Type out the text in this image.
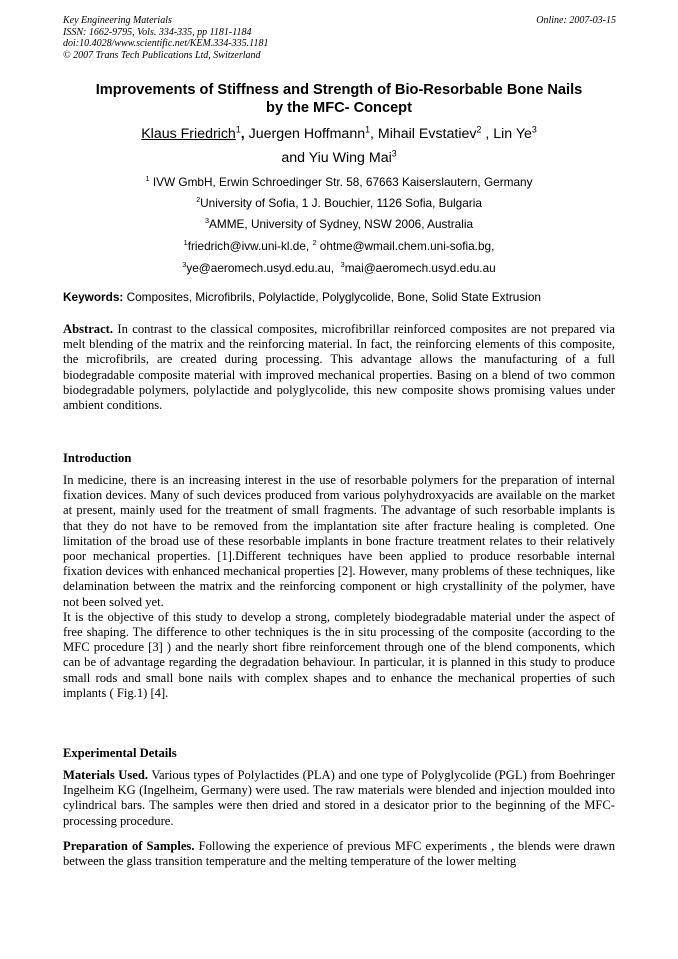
Key Engineering Materials
ISSN: 1662-9795, Vols. 334-335, pp 1181-1184
doi:10.4028/www.scientific.net/KEM.334-335.1181
© 2007 Trans Tech Publications Ltd, Switzerland
Online: 2007-03-15
Improvements of Stiffness and Strength of Bio-Resorbable Bone Nails
by the MFC- Concept
Klaus Friedrich$^1$, Juergen Hoffmann$^1$, Mihail Evstatiev$^2$ , Lin Ye$^3$
and Yiu Wing Mai$^3$
$^1$ IVW GmbH, Erwin Schroedinger Str. 58, 67663 Kaiserslautern, Germany
$^2$University of Sofia, 1 J. Bouchier, 1126 Sofia, Bulgaria
$^3$AMME, University of Sydney, NSW 2006, Australia
$^1$friedrich@ivw.uni-kl.de, $^2$ ohtme@wmail.chem.uni-sofia.bg,
$^3$ye@aeromech.usyd.edu.au, $^3$mai@aeromech.usyd.edu.au
Keywords: Composites, Microfibrils, Polylactide, Polyglycolide, Bone, Solid State Extrusion
Abstract. In contrast to the classical composites, microfibrillar reinforced composites are not prepared via melt blending of the matrix and the reinforcing material. In fact, the reinforcing elements of this composite, the microfibrils, are created during processing. This advantage allows the manufacturing of a full biodegradable composite material with improved mechanical properties. Basing on a blend of two common biodegradable polymers, polylactide and polyglycolide, this new composite shows promising values under ambient conditions.
Introduction
In medicine, there is an increasing interest in the use of resorbable polymers for the preparation of internal fixation devices. Many of such devices produced from various polyhydroxyacids are available on the market at present, mainly used for the treatment of small fragments. The advantage of such resorbable implants is that they do not have to be removed from the implantation site after fracture healing is completed. One limitation of the broad use of these resorbable implants in bone fracture treatment relates to their relatively poor mechanical properties. [1].Different techniques have been applied to produce resorbable internal fixation devices with enhanced mechanical properties [2]. However, many problems of these techniques, like delamination between the matrix and the reinforcing component or high crystallinity of the polymer, have not been solved yet.
It is the objective of this study to develop a strong, completely biodegradable material under the aspect of free shaping. The difference to other techniques is the in situ processing of the composite (according to the MFC procedure [3] ) and the nearly short fibre reinforcement through one of the blend components, which can be of advantage regarding the degradation behaviour. In particular, it is planned in this study to produce small rods and small bone nails with complex shapes and to enhance the mechanical properties of such implants ( Fig.1) [4].
Experimental Details
Materials Used. Various types of Polylactides (PLA) and one type of Polyglycolide (PGL) from Boehringer Ingelheim KG (Ingelheim, Germany) were used. The raw materials were blended and injection moulded into cylindrical bars. The samples were then dried and stored in a desicator prior to the beginning of the MFC-processing procedure.
Preparation of Samples. Following the experience of previous MFC experiments , the blends were drawn between the glass transition temperature and the melting temperature of the lower melting
